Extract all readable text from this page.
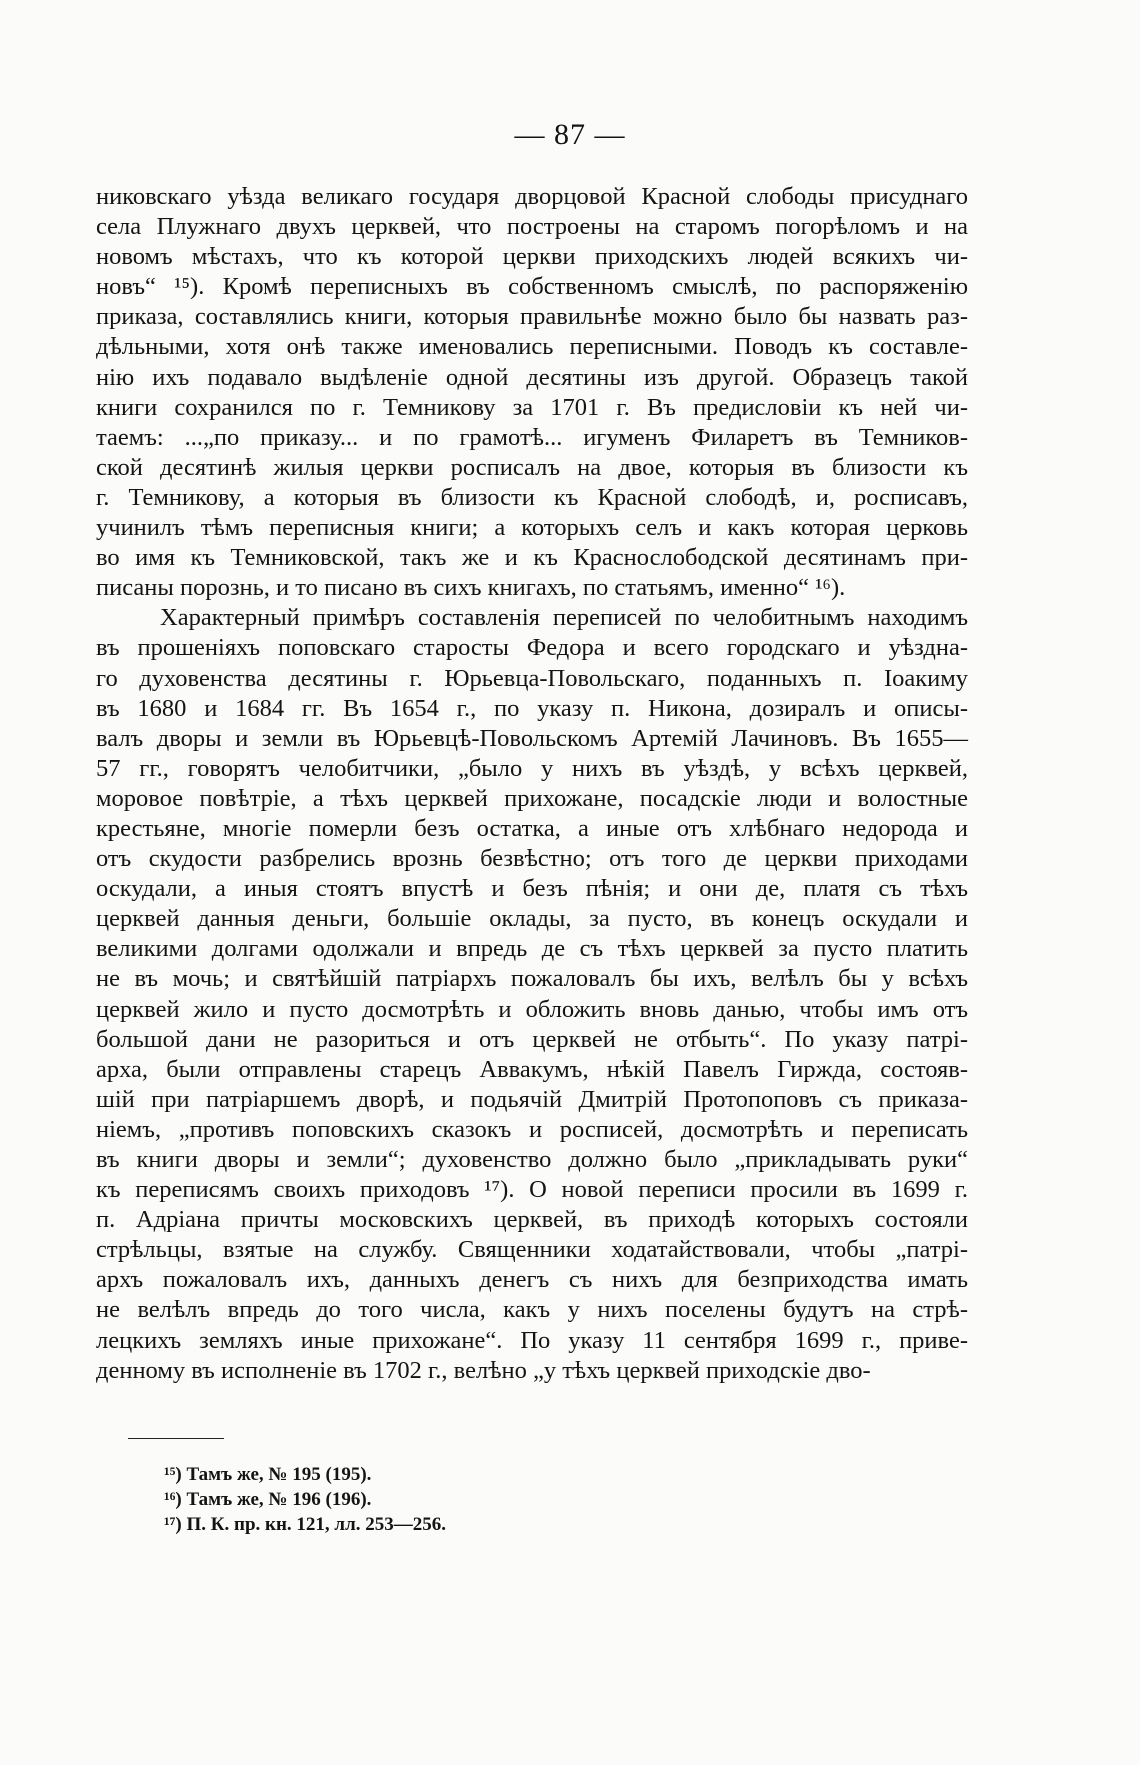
— 87 —
никовскаго уѣзда великаго государя дворцовой Красной слободы присуднаго
села Плужнаго двухъ церквей, что построены на старомъ погорѣломъ и на
новомъ мѣстахъ, что къ которой церкви приходскихъ людей всякихъ чи-
новъ“ ¹⁵). Кромѣ переписныхъ въ собственномъ смыслѣ, по распоряженію
приказа, составлялись книги, которыя правильнѣе можно было бы назвать раз-
дѣльными, хотя онѣ также именовались переписными. Поводъ къ составле-
нію ихъ подавало выдѣленіе одной десятины изъ другой. Образецъ такой
книги сохранился по г. Темникову за 1701 г. Въ предисловіи къ ней чи-
таемъ: ...„по приказу... и по грамотѣ... игуменъ Филаретъ въ Темников-
ской десятинѣ жилыя церкви росписалъ на двое, которыя въ близости къ
г. Темникову, а которыя въ близости къ Красной слободѣ, и, росписавъ,
учинилъ тѣмъ переписныя книги; а которыхъ селъ и какъ которая церковь
во имя къ Темниковской, такъ же и къ Краснослободской десятинамъ при-
писаны порознь, и то писано въ сихъ книгахъ, по статьямъ, именно“ ¹⁶).
Характерный примѣръ составленія переписей по челобитнымъ находимъ
въ прошеніяхъ поповскаго старосты Федора и всего городскаго и уѣздна-
го духовенства десятины г. Юрьевца-Повольскаго, поданныхъ п. Іоакиму
въ 1680 и 1684 гг. Въ 1654 г., по указу п. Никона, дозиралъ и описы-
валъ дворы и земли въ Юрьевцѣ-Повольскомъ Артемій Лачиновъ. Въ 1655—
57 гг., говорятъ челобитчики, „было у нихъ въ уѣздѣ, у всѣхъ церквей,
моровое повѣтріе, а тѣхъ церквей прихожане, посадскіе люди и волостные
крестьяне, многіе померли безъ остатка, а иные отъ хлѣбнаго недорода и
отъ скудости разбрелись врознь безвѣстно; отъ того де церкви приходами
оскудали, а иныя стоятъ впустѣ и безъ пѣнія; и они де, платя съ тѣхъ
церквей данныя деньги, большіе оклады, за пусто, въ конецъ оскудали и
великими долгами одолжали и впредь де съ тѣхъ церквей за пусто платить
не въ мочь; и святѣйшій патріархъ пожаловалъ бы ихъ, велѣлъ бы у всѣхъ
церквей жило и пусто досмотрѣть и обложить вновь данью, чтобы имъ отъ
большой дани не разориться и отъ церквей не отбыть“. По указу патрі-
арха, были отправлены старецъ Аввакумъ, нѣкій Павелъ Гиржда, состояв-
шій при патріаршемъ дворѣ, и подьячій Дмитрій Протопоповъ съ приказа-
ніемъ, „противъ поповскихъ сказокъ и росписей, досмотрѣть и переписать
въ книги дворы и земли“; духовенство должно было „прикладывать руки“
къ переписямъ своихъ приходовъ ¹⁷). О новой переписи просили въ 1699 г.
п. Адріана причты московскихъ церквей, въ приходѣ которыхъ состояли
стрѣльцы, взятые на службу. Священники ходатайствовали, чтобы „патрі-
архъ пожаловалъ ихъ, данныхъ денегъ съ нихъ для безприходства имать
не велѣлъ впредь до того числа, какъ у нихъ поселены будутъ на стрѣ-
лецкихъ земляхъ иные прихожане“. По указу 11 сентября 1699 г., приве-
денному въ исполненіе въ 1702 г., велѣно „у тѣхъ церквей приходскіе дво-
¹⁵) Тамъ же, № 195 (195).
¹⁶) Тамъ же, № 196 (196).
¹⁷) П. К. пр. кн. 121, лл. 253—256.
